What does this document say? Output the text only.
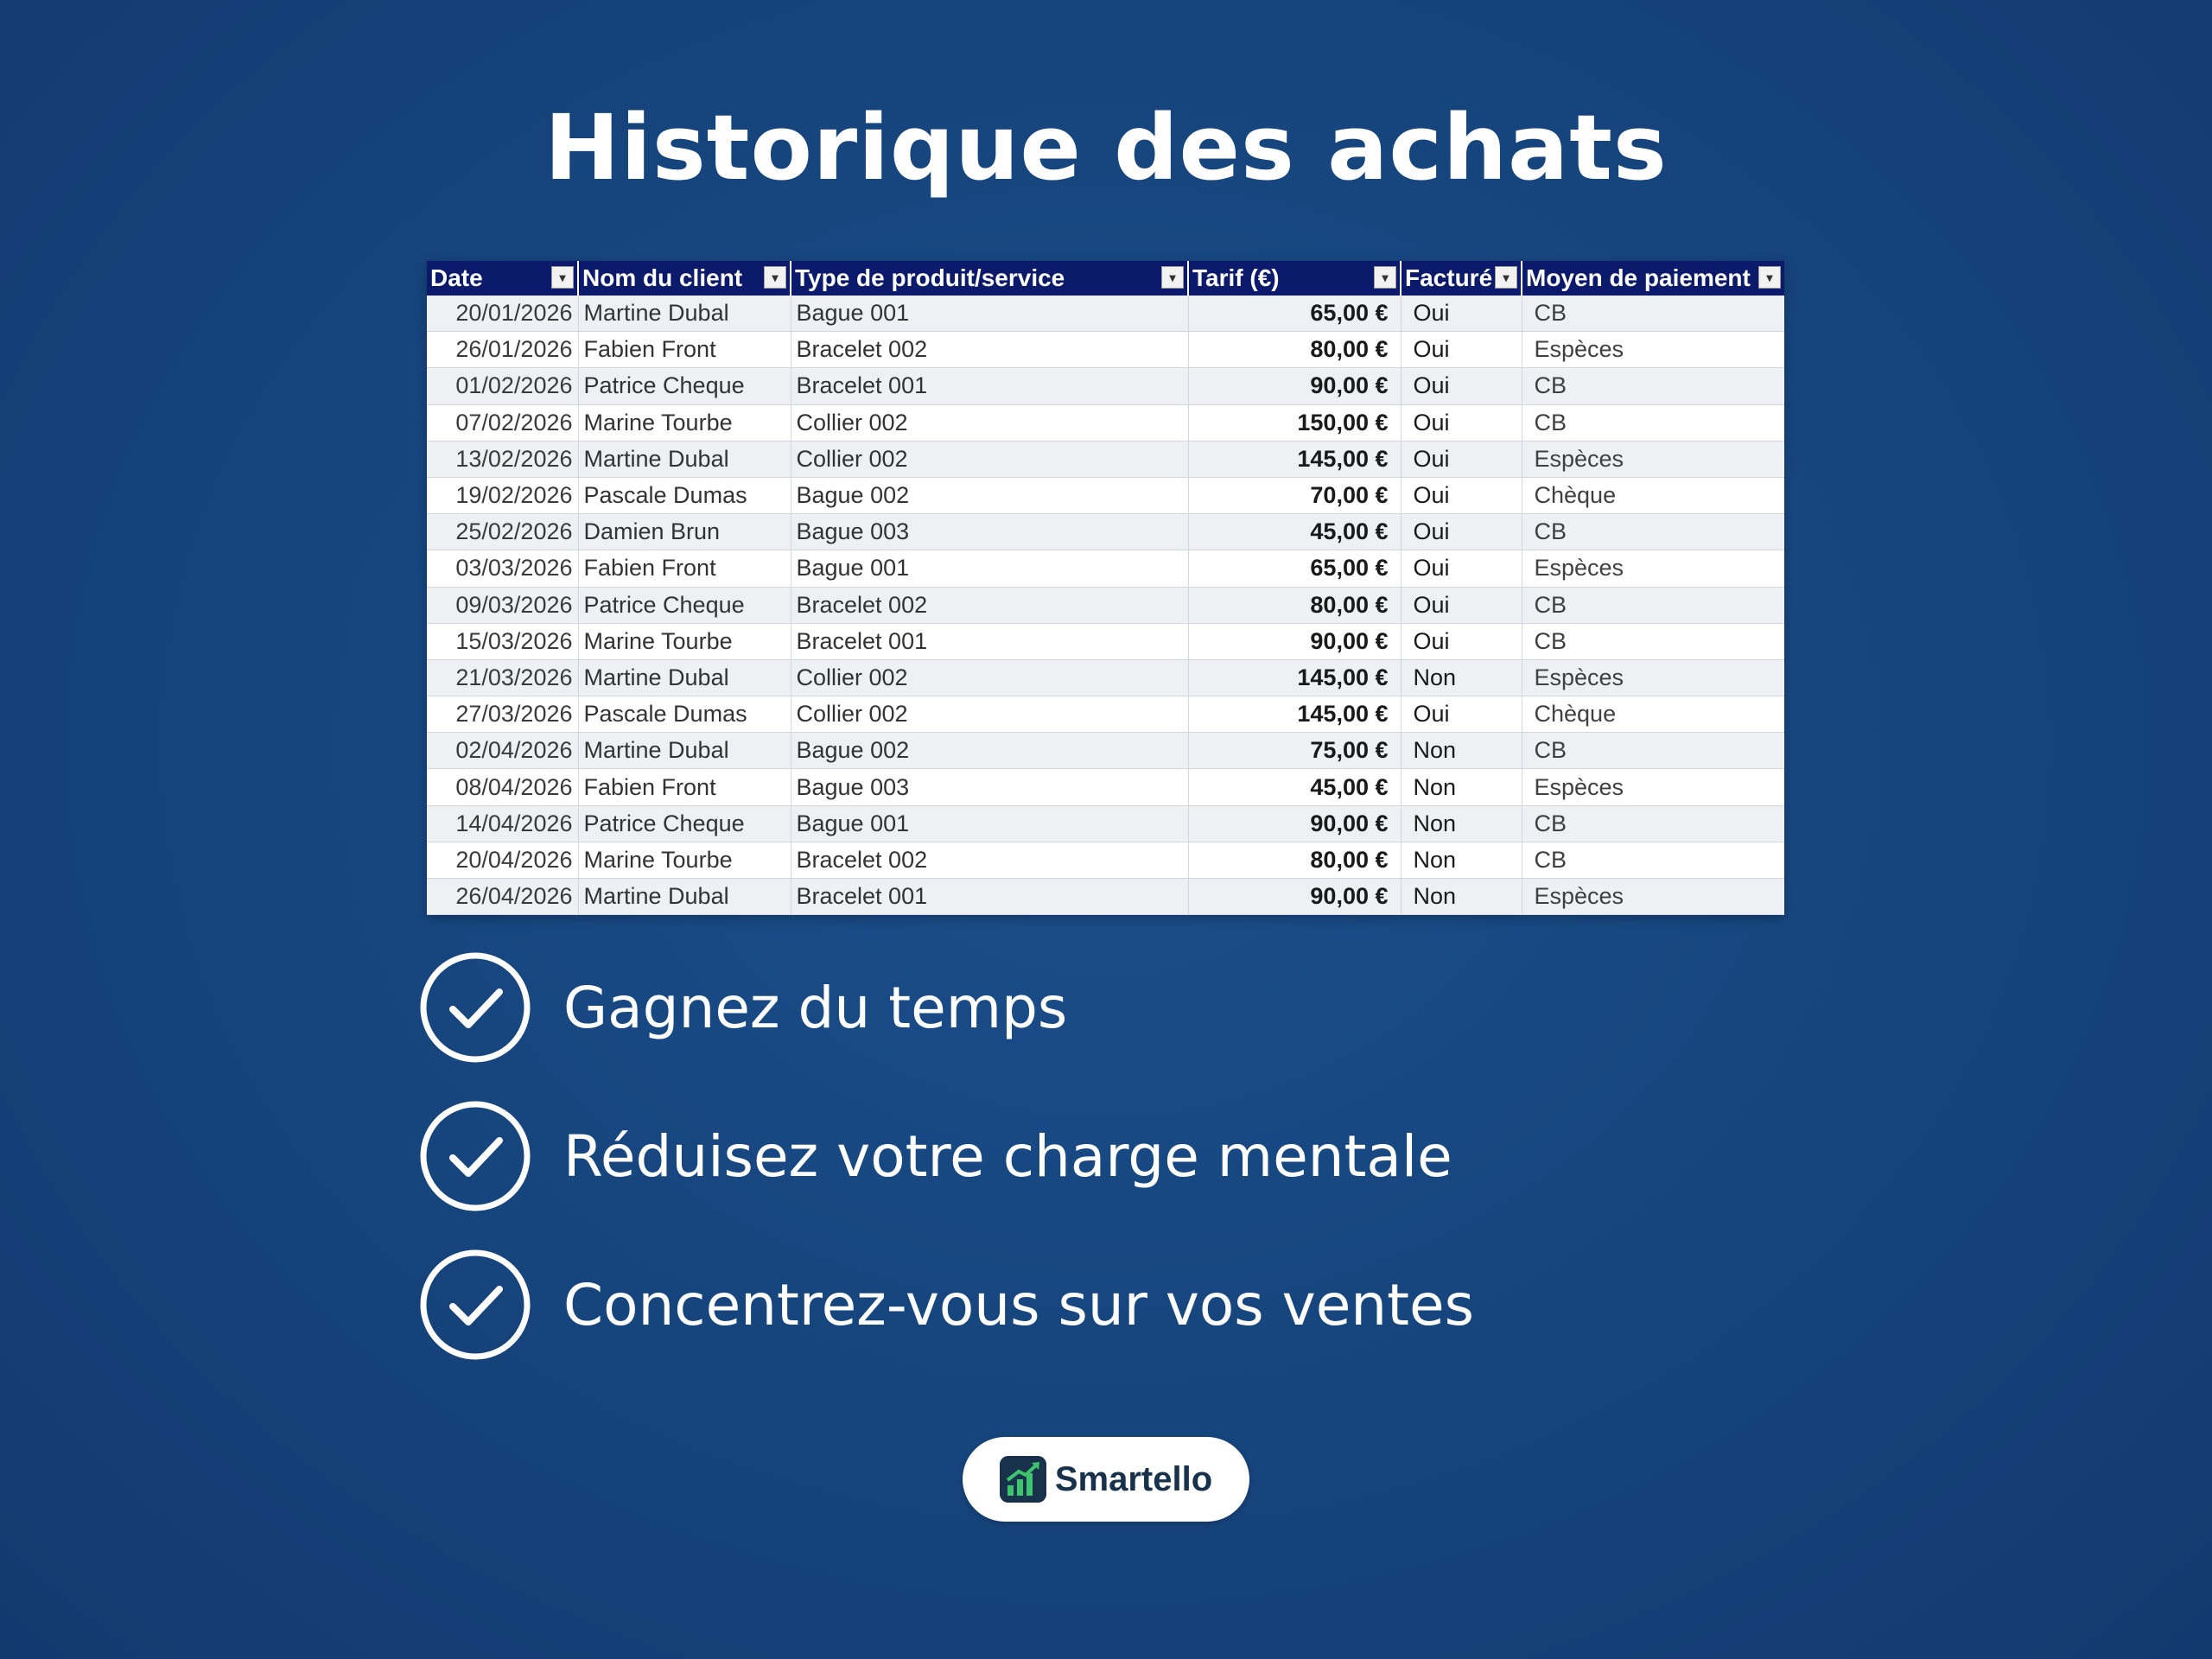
Historique des achats
Date ▾	Nom du client ▾	Type de produit/service ▾	Tarif (€) ▾	Facturé ▾	Moyen de paiement ▾

20/01/2026	Martine Dubal	Bague 001	65,00 €	Oui	CB
26/01/2026	Fabien Front	Bracelet 002	80,00 €	Oui	Espèces
01/02/2026	Patrice Cheque	Bracelet 001	90,00 €	Oui	CB
07/02/2026	Marine Tourbe	Collier 002	150,00 €	Oui	CB
13/02/2026	Martine Dubal	Collier 002	145,00 €	Oui	Espèces
19/02/2026	Pascale Dumas	Bague 002	70,00 €	Oui	Chèque
25/02/2026	Damien Brun	Bague 003	45,00 €	Oui	CB
03/03/2026	Fabien Front	Bague 001	65,00 €	Oui	Espèces
09/03/2026	Patrice Cheque	Bracelet 002	80,00 €	Oui	CB
15/03/2026	Marine Tourbe	Bracelet 001	90,00 €	Oui	CB
21/03/2026	Martine Dubal	Collier 002	145,00 €	Non	Espèces
27/03/2026	Pascale Dumas	Collier 002	145,00 €	Oui	Chèque
02/04/2026	Martine Dubal	Bague 002	75,00 €	Non	CB
08/04/2026	Fabien Front	Bague 003	45,00 €	Non	Espèces
14/04/2026	Patrice Cheque	Bague 001	90,00 €	Non	CB
20/04/2026	Marine Tourbe	Bracelet 002	80,00 €	Non	CB
26/04/2026	Martine Dubal	Bracelet 001	90,00 €	Non	Espèces
Gagnez du temps
Réduisez votre charge mentale
Concentrez-vous sur vos ventes
Smartello
